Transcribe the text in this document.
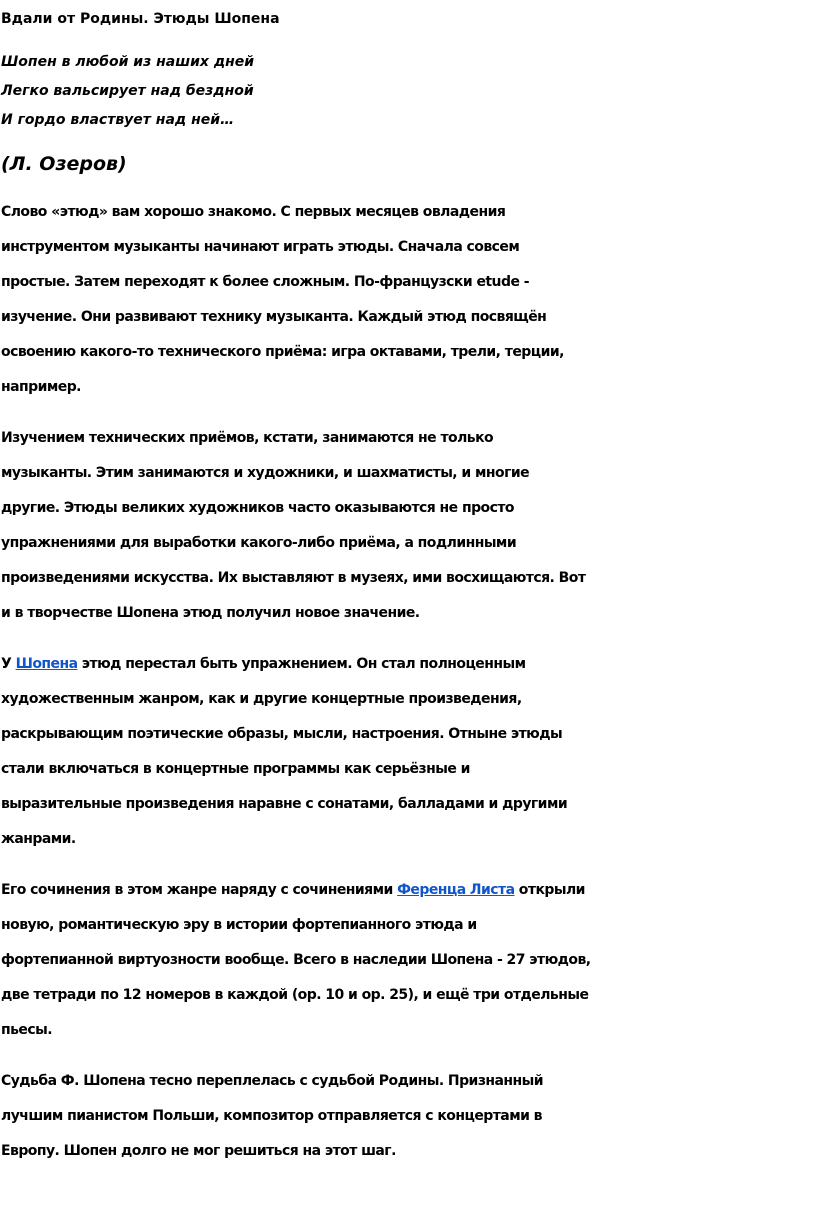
Вдали от Родины. Этюды Шопена

Шопен в любой из наших дней

Легко вальсирует над бездной

И гордо властвует над ней…

(Л. Озеров)

Слово «этюд» вам хорошо знакомо. С первых месяцев овладения

инструментом музыканты начинают играть этюды. Сначала совсем

простые. Затем переходят к более сложным. По-французски etude -

изучение. Они развивают технику музыканта. Каждый этюд посвящён

освоению какого-то технического приёма: игра октавами, трели, терции,

например.

Изучением технических приёмов, кстати, занимаются не только

музыканты. Этим занимаются и художники, и шахматисты, и многие

другие. Этюды великих художников часто оказываются не просто

упражнениями для выработки какого-либо приёма, а подлинными

произведениями искусства. Их выставляют в музеях, ими восхищаются. Вот

и в творчестве Шопена этюд получил новое значение.

У Шопена этюд перестал быть упражнением. Он стал полноценным

художественным жанром, как и другие концертные произведения,

раскрывающим поэтические образы, мысли, настроения. Отныне этюды

стали включаться в концертные программы как серьёзные и

выразительные произведения наравне с сонатами, балладами и другими

жанрами.

Его сочинения в этом жанре наряду с сочинениями Ференца Листа открыли

новую, романтическую эру в истории фортепианного этюда и

фортепианной виртуозности вообще. Всего в наследии Шопена - 27 этюдов,

две тетради по 12 номеров в каждой (ор. 10 и ор. 25), и ещё три отдельные

пьесы.

Судьба Ф. Шопена тесно переплелась с судьбой Родины. Признанный

лучшим пианистом Польши, композитор отправляется с концертами в

Европу. Шопен долго не мог решиться на этот шаг.
